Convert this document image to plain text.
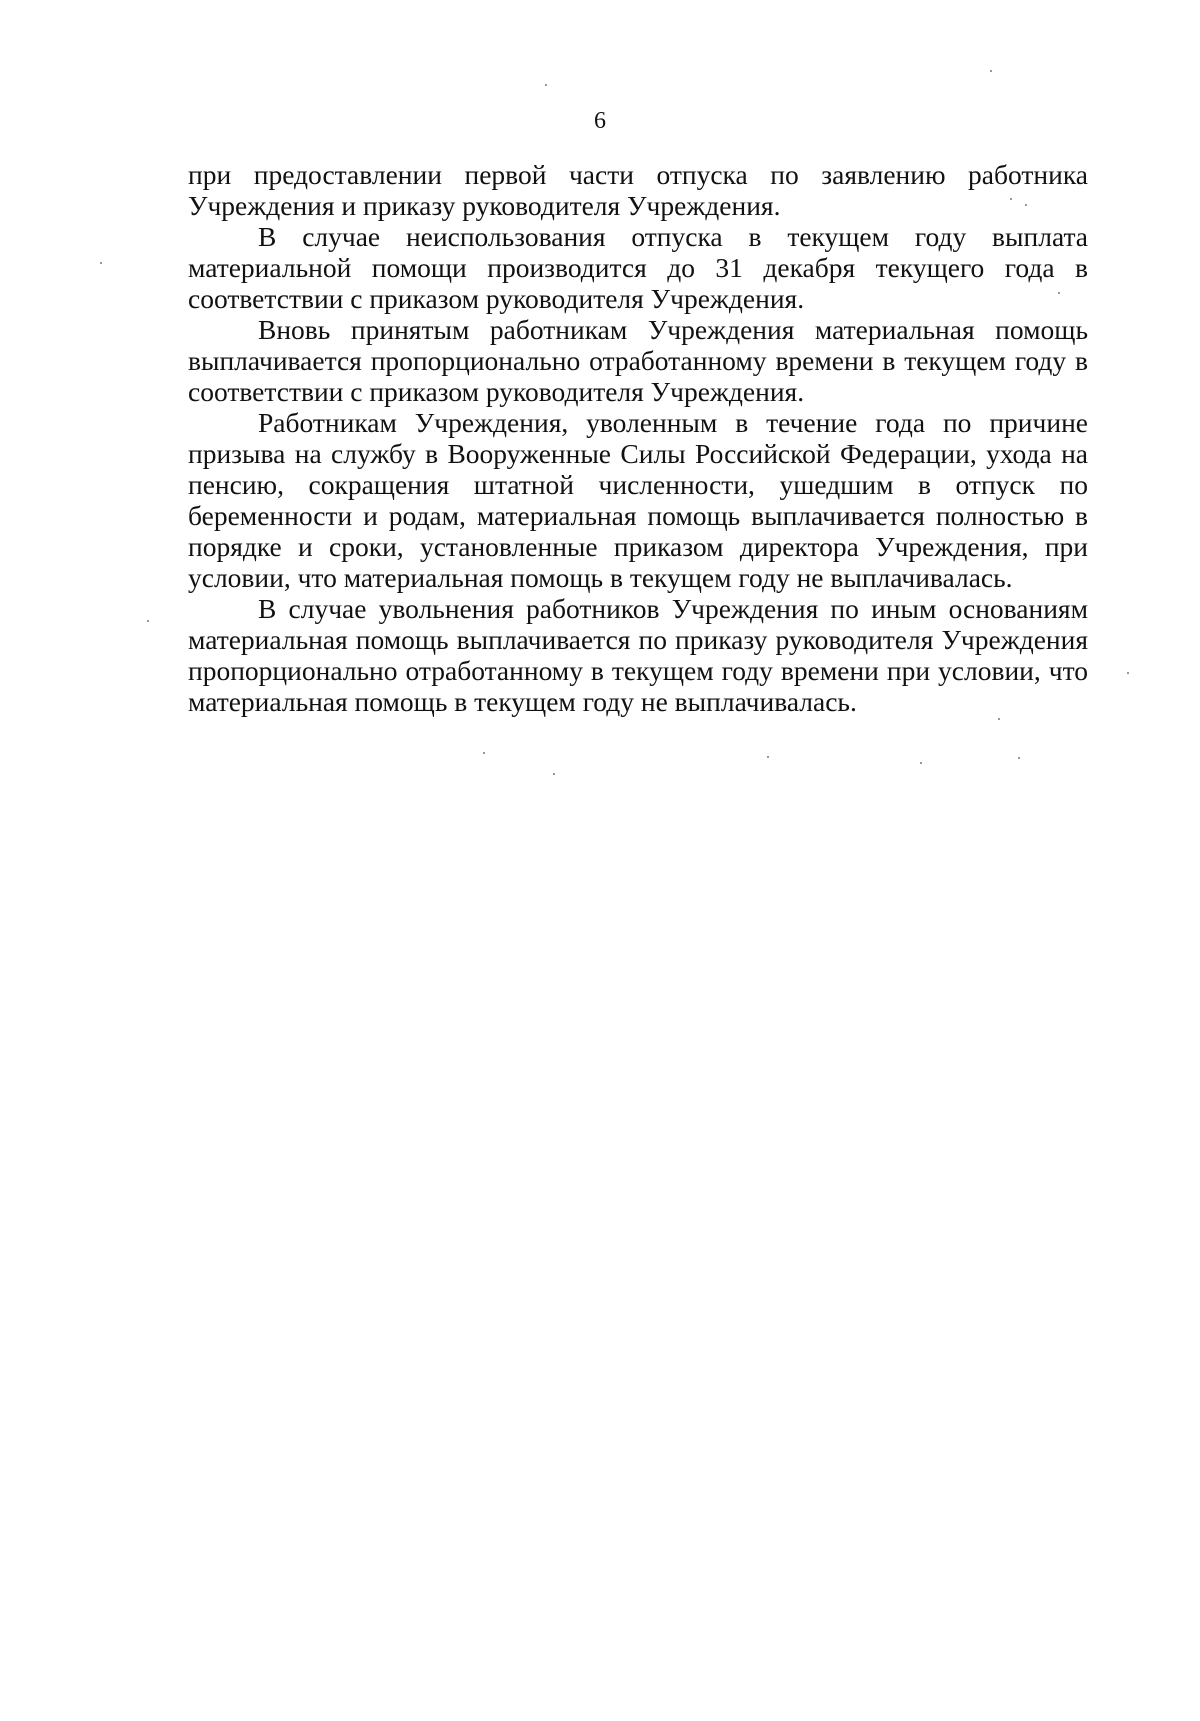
6

при предоставлении первой части отпуска по заявлению работника Учреждения и приказу руководителя Учреждения.

В случае неиспользования отпуска в текущем году выплата материальной помощи производится до 31 декабря текущего года в соответствии с приказом руководителя Учреждения.

Вновь принятым работникам Учреждения материальная помощь выплачивается пропорционально отработанному времени в текущем году в соответствии с приказом руководителя Учреждения.

Работникам Учреждения, уволенным в течение года по причине призыва на службу в Вооруженные Силы Российской Федерации, ухода на пенсию, сокращения штатной численности, ушедшим в отпуск по беременности и родам, материальная помощь выплачивается полностью в порядке и сроки, установленные приказом директора Учреждения, при условии, что материальная помощь в текущем году не выплачивалась.

В случае увольнения работников Учреждения по иным основаниям материальная помощь выплачивается по приказу руководителя Учреждения пропорционально отработанному в текущем году времени при условии, что материальная помощь в текущем году не выплачивалась.
